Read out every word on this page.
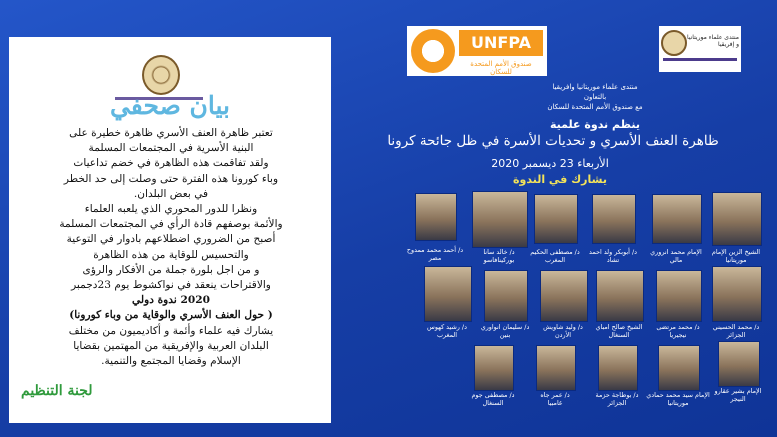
بيان صحفي

تعتبر ظاهرة العنف الأسري ظاهرة خطيرة على

البنية الأسرية في المجتمعات المسلمة

ولقد تفاقمت هذه الظاهرة في خضم تداعيات

وباء كورونا هذه الفترة حتى وصلت إلى حد الخطر

في بعض البلدان.

ونظرا للدور المحوري الذي يلعبه العلماء

والأئمة بوصفهم قادة الرأي في المجتمعات المسلمة

أصبح من الضروري اضطلاعهم بادوار في التوعية

والتحسيس للوقاية من هذه الظاهرة

و من اجل بلورة جملة من الأفكار والرؤى

والاقتراحات ينعقد في نواكشوط يوم 23دجمبر

2020 ندوة دولي

( حول العنف الأسري والوقاية من وباء كورونا)

يشارك فيه علماء وأئمة و أكاديميون من مختلف

البلدان العربية والإفريقية من المهتمين بقضايا

الإسلام وقضايا المجتمع والتنمية.

لجنة التنظيم
UNFPA
صندوق الأمم المتحدة للسكان
منتدى علماء موريتانيا و إفريقيا
منتدى علماء موريتانيا وافريقيا
بالتعاون
مع صندوق الأمم المتحدة للسكان
ينظم ندوة علمية
ظاهرة العنف الأسري و تحديات الأسرة في ظل جائحة كرونا
الأربعاء 23 ديسمبر 2020
يشارك في الندوة
د/ أحمد محمد ممدوح
مصر
د/ خالد سانا
بوركينافاسو
د/ مصطفى الحكيم
المغرب
د/ أبوبكر ولد احمد
تشاد
الإمام محمد انروري
مالي
الشيخ الزين الإمام
موريتانيا
د/ رشيد كهوس
المغرب
د/ سليمان انواوري
بنين
د/ وليد شاويش
الأردن
الشيخ صالح امباي
السنغال
د/ محمد مرتضى
نيجيريا
د/ محمد الحسيني
الجزائر
د/ مصطفى جوم
السنغال
د/ عمر جاه
غامبيا
د/ بوطاجة حزمة
الجزائر
الإمام سيد محمد حمادي
موريتانيا
الإمام بشير عقارو
النيجر
